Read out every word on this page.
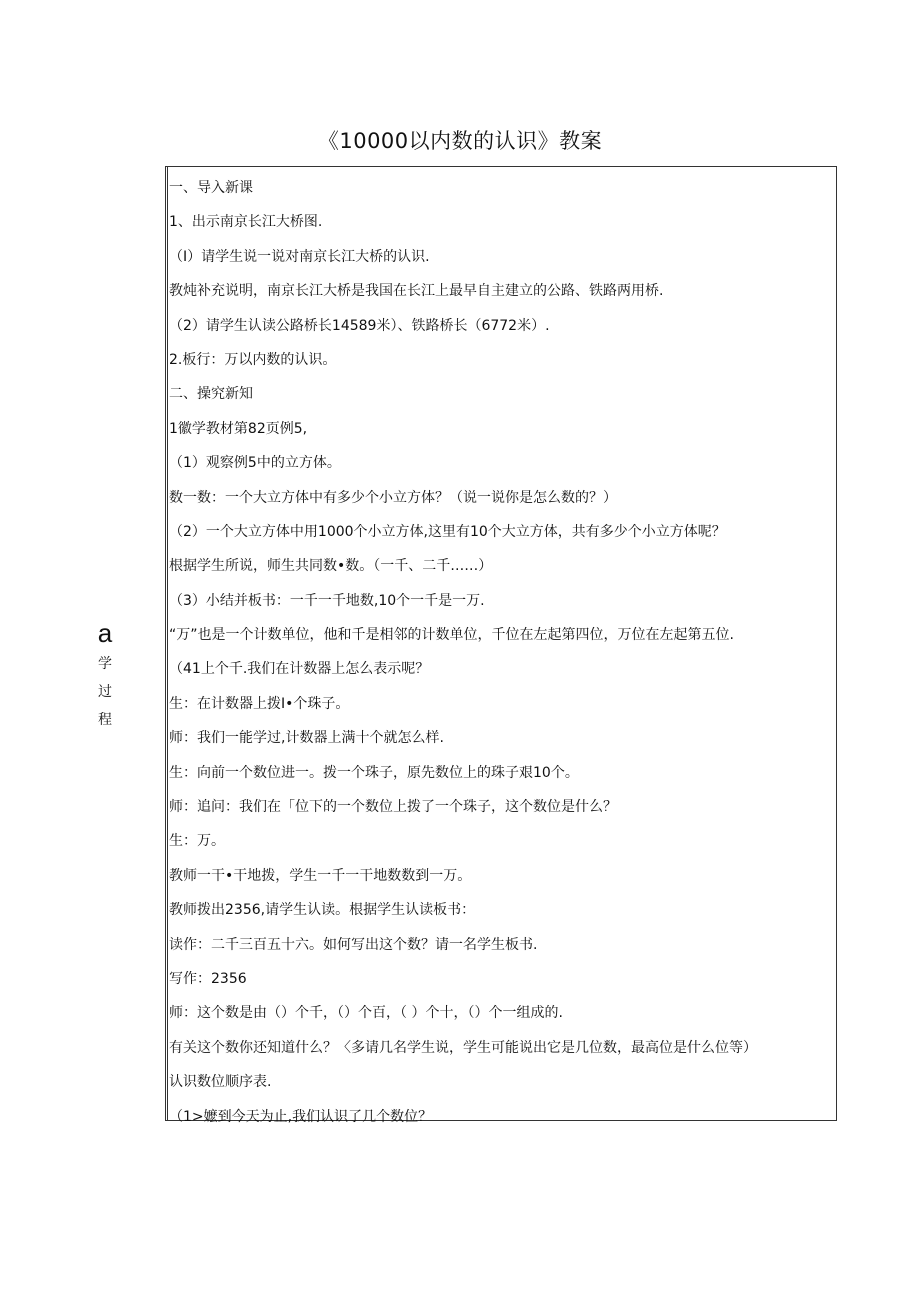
《10000以内数的认识》教案
a
学
过
程
一、导入新课
1、出示南京长江大桥图.
（I）请学生说一说对南京长江大桥的认识.
教炖补充说明，南京长江大桥是我国在长江上最早自主建立的公路、铁路两用桥.
（2）请学生认读公路桥长14589米）、铁路桥长（6772米）.
2.板行：万以内数的认识。
二、操究新知
1徽学教材第82页例5,
（1）观察例5中的立方体。
数一数：一个大立方体中有多少个小立方体？（说一说你是怎么数的？）
（2）一个大立方体中用1000个小立方体,这里有10个大立方体，共有多少个小立方体呢？
根据学生所说，师生共同数•数。（一千、二千……）
（3）小结并板书：一千一千地数,10个一千是一万.
“万”也是一个计数单位，他和千是相邻的计数单位，千位在左起第四位，万位在左起第五位.
（41上个千.我们在计数器上怎么表示呢？
生：在计数器上拨I•个珠子。
师：我们一能学过,计数器上满十个就怎么样.
生：向前一个数位进一。拨一个珠子，原先数位上的珠子艰10个。
师：追问：我们在「位下的一个数位上拨了一个珠子，这个数位是什么？
生：万。
教师一干•干地拨，学生一千一干地数数到一万。
教师拨出2356,请学生认读。根据学生认读板书：
读作：二千三百五十六。如何写出这个数？请一名学生板书.
写作：2356
师：这个数是由（）个千，（）个百，（ ）个十，（）个一组成的.
有关这个数你还知道什么？〈多请几名学生说，学生可能说出它是几位数，最高位是什么位等）
认识数位顺序表.
（1>嬷到今天为止,我们认识了几个数位？
